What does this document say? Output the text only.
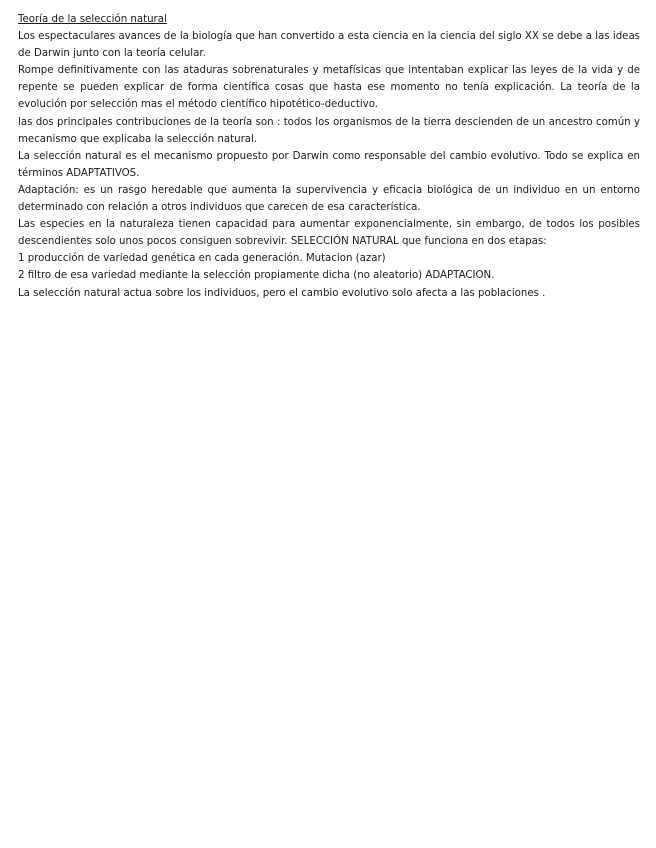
Teoría de la selección natural
Los espectaculares avances de la biología que han convertido a esta ciencia en la ciencia del siglo XX se debe a las ideas de Darwin junto con la teoría celular.
Rompe definitivamente con las ataduras sobrenaturales y metafísicas que intentaban explicar las leyes de la vida y de repente se pueden explicar de forma científica cosas que hasta ese momento no tenía explicación. La teoría de la evolución por selección mas el método científico hipotético-deductivo.
las dos principales contribuciones de la teoría son : todos los organismos de la tierra descienden de un ancestro común y mecanismo que explicaba la selección natural.
La selección natural es el mecanismo propuesto por Darwin como responsable del cambio evolutivo. Todo se explica en términos ADAPTATIVOS.
Adaptación: es un rasgo heredable que aumenta la supervivencia y eficacia biológica de un individuo en un entorno determinado con relación a otros individuos que carecen de esa característica.
Las especies en la naturaleza tienen capacidad para aumentar exponencialmente, sin embargo, de todos los posibles descendientes solo unos pocos consiguen sobrevivir. SELECCIÓN NATURAL que funciona en dos etapas:
1 producción de variedad genética en cada generación. Mutacion (azar)
2 filtro de esa variedad mediante la selección propiamente dicha (no aleatorio) ADAPTACION.
La selección natural actua sobre los individuos, pero el cambio evolutivo solo afecta a las poblaciones .
